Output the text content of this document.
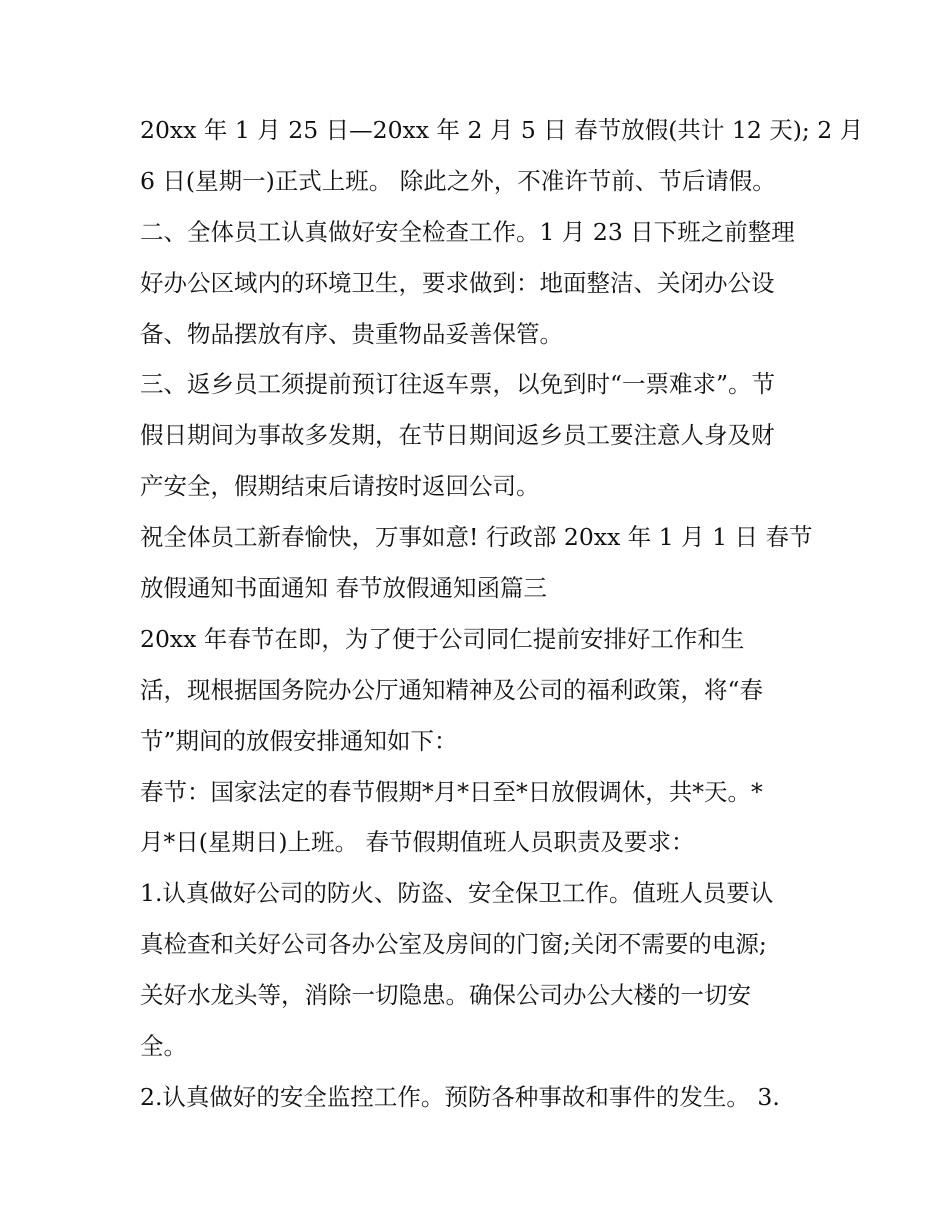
20xx 年 1 月 25 日—20xx 年 2 月 5 日 春节放假(共计 12 天); 2 月
6 日(星期一)正式上班。 除此之外，不准许节前、节后请假。
二、全体员工认真做好安全检查工作。1 月 23 日下班之前整理
好办公区域内的环境卫生，要求做到：地面整洁、关闭办公设
备、物品摆放有序、贵重物品妥善保管。
三、返乡员工须提前预订往返车票，以免到时“一票难求”。节
假日期间为事故多发期，在节日期间返乡员工要注意人身及财
产安全，假期结束后请按时返回公司。
祝全体员工新春愉快，万事如意! 行政部 20xx 年 1 月 1 日 春节
放假通知书面通知 春节放假通知函篇三
20xx 年春节在即，为了便于公司同仁提前安排好工作和生
活，现根据国务院办公厅通知精神及公司的福利政策，将“春
节”期间的放假安排通知如下：
春节：国家法定的春节假期*月*日至*日放假调休，共*天。*
月*日(星期日)上班。 春节假期值班人员职责及要求：
1.认真做好公司的防火、防盗、安全保卫工作。值班人员要认
真检查和关好公司各办公室及房间的门窗;关闭不需要的电源;
关好水龙头等，消除一切隐患。确保公司办公大楼的一切安
全。
2.认真做好的安全监控工作。预防各种事故和事件的发生。 3.
